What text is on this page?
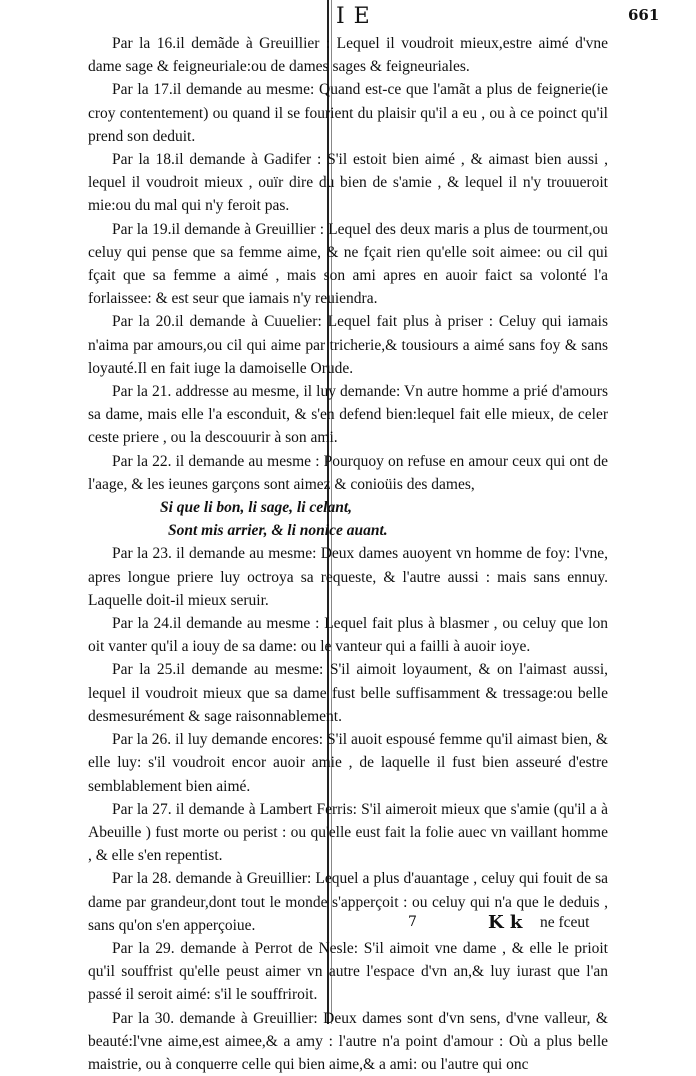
I E	661

Par la 16.il demãde à Greuillier : Lequel il voudroit mieux,estre aimé d'vne dame sage & feigneuriale:ou de dames sages & feigneuriales.

Par la 17.il demande au mesme: Quand est-ce que l'amãt a plus de feignerie(ie croy contentement) ou quand il se fourient du plaisir qu'il a eu , ou à ce poinct qu'il prend son deduit.

Par la 18.il demande à Gadifer : S'il estoit bien aimé , & aimast bien aussi , lequel il voudroit mieux , ouïr dire du bien de s'amie , & lequel il n'y trouueroit mie:ou du mal qui n'y feroit pas.

Par la 19.il demande à Greuillier : Lequel des deux maris a plus de tourment,ou celuy qui pense que sa femme aime, & ne fçait rien qu'elle soit aimee: ou cil qui fçait que sa femme a aimé , mais son ami apres en auoir faict sa volonté l'a forlaissee: & est seur que iamais n'y reuiendra.

Par la 20.il demande à Cuuelier: Lequel fait plus à priser : Celuy qui iamais n'aima par amours,ou cil qui aime par tricherie,& tousiours a aimé sans foy & sans loyauté.Il en fait iuge la damoiselle Orude.

Par la 21. addresse au mesme, il luy demande: Vn autre homme a prié d'amours sa dame, mais elle l'a esconduit, & s'en defend bien:lequel fait elle mieux, de celer ceste priere , ou la descouurir à son ami.

Par la 22. il demande au mesme : Pourquoy on refuse en amour ceux qui ont de l'aage, & les ieunes garçons sont aimez & conioüis des dames,

Si que li bon, li sage, li celant,

Sont mis arrier, & li nonice auant.

Par la 23. il demande au mesme: Deux dames auoyent vn homme de foy: l'vne, apres longue priere luy octroya sa requeste, & l'autre aussi : mais sans ennuy. Laquelle doit-il mieux seruir.

Par la 24.il demande au mesme : Lequel fait plus à blasmer , ou celuy que lon oit vanter qu'il a iouy de sa dame: ou le vanteur qui a failli à auoir ioye.

Par la 25.il demande au mesme: S'il aimoit loyaument, & on l'aimast aussi, lequel il voudroit mieux que sa dame fust belle suffisamment & tressage:ou belle desmesurément & sage raisonnablement.

Par la 26. il luy demande encores: S'il auoit espousé femme qu'il aimast bien, & elle luy: s'il voudroit encor auoir amie , de laquelle il fust bien asseuré d'estre semblablement bien aimé.

Par la 27. il demande à Lambert Ferris: S'il aimeroit mieux que s'amie (qu'il a à Abeuille ) fust morte ou perist : ou qu'elle eust fait la folie auec vn vaillant homme , & elle s'en repentist.

Par la 28. demande à Greuillier: Lequel a plus d'auantage , celuy qui fouit de sa dame par grandeur,dont tout le monde s'apperçoit : ou celuy qui n'a que le deduis , sans qu'on s'en apperçoiue.

Par la 29. demande à Perrot de Nesle: S'il aimoit vne dame , & elle le prioit qu'il souffrist qu'elle peust aimer vn autre l'espace d'vn an,& luy iurast que l'an passé il seroit aimé: s'il le souffriroit.

Par la 30. demande à Greuillier: Deux dames sont d'vn sens, d'vne valleur, & beauté:l'vne aime,est aimee,& a amy : l'autre n'a point d'amour : Où a plus belle maistrie, ou à conquerre celle qui bien aime,& a ami: ou l'autre qui onc

7	K k ne fceut
